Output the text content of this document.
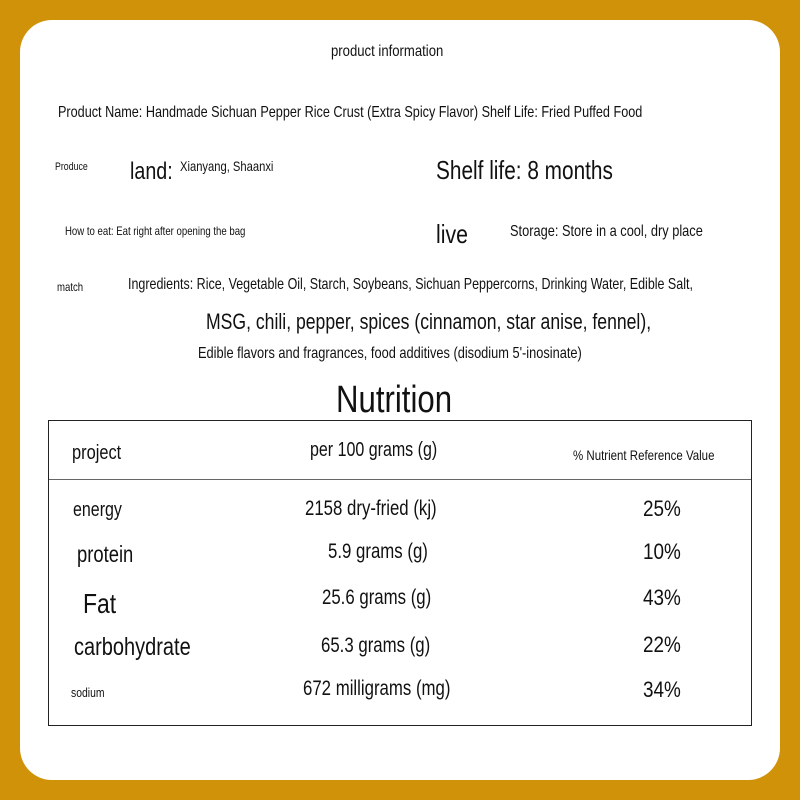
product information
Product Name: Handmade Sichuan Pepper Rice Crust (Extra Spicy Flavor) Shelf Life: Fried Puffed Food
Produce	land: Xianyang, Shaanxi	Shelf life: 8 months
How to eat: Eat right after opening the bag	live	Storage: Store in a cool, dry place
match	Ingredients: Rice, Vegetable Oil, Starch, Soybeans, Sichuan Peppercorns, Drinking Water, Edible Salt,
MSG, chili, pepper, spices (cinnamon, star anise, fennel),
Edible flavors and fragrances, food additives (disodium 5'-inosinate)
Nutrition
project	per 100 grams (g)	% Nutrient Reference Value
energy	2158 dry-fried (kj)	25%
protein	5.9 grams (g)	10%
Fat	25.6 grams (g)	43%
carbohydrate	65.3 grams (g)	22%
sodium	672 milligrams (mg)	34%
